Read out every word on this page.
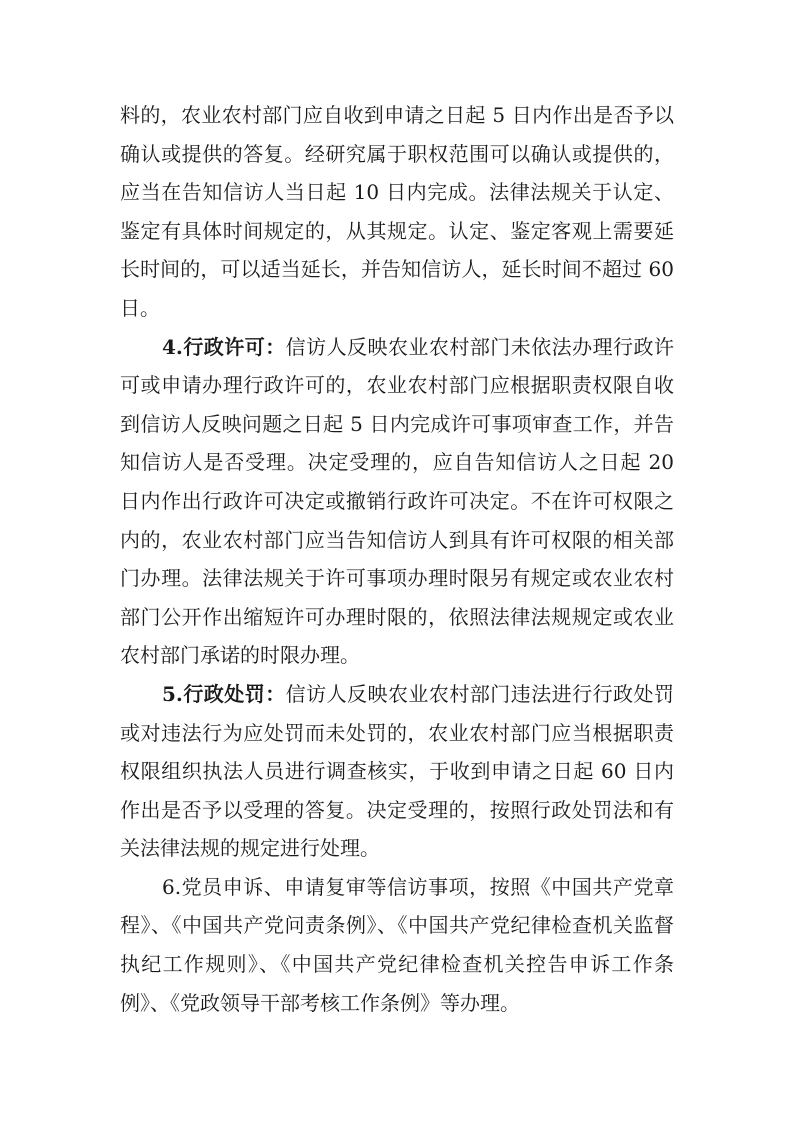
料的，农业农村部门应自收到申请之日起 5 日内作出是否予以确认或提供的答复。经研究属于职权范围可以确认或提供的，应当在告知信访人当日起 10 日内完成。法律法规关于认定、鉴定有具体时间规定的，从其规定。认定、鉴定客观上需要延长时间的，可以适当延长，并告知信访人，延长时间不超过 60 日。

4.行政许可：信访人反映农业农村部门未依法办理行政许可或申请办理行政许可的，农业农村部门应根据职责权限自收到信访人反映问题之日起 5 日内完成许可事项审查工作，并告知信访人是否受理。决定受理的，应自告知信访人之日起 20 日内作出行政许可决定或撤销行政许可决定。不在许可权限之内的，农业农村部门应当告知信访人到具有许可权限的相关部门办理。法律法规关于许可事项办理时限另有规定或农业农村部门公开作出缩短许可办理时限的，依照法律法规规定或农业农村部门承诺的时限办理。

5.行政处罚：信访人反映农业农村部门违法进行行政处罚或对违法行为应处罚而未处罚的，农业农村部门应当根据职责权限组织执法人员进行调查核实，于收到申请之日起 60 日内作出是否予以受理的答复。决定受理的，按照行政处罚法和有关法律法规的规定进行处理。

6.党员申诉、申请复审等信访事项，按照《中国共产党章程》、《中国共产党问责条例》、《中国共产党纪律检查机关监督执纪工作规则》、《中国共产党纪律检查机关控告申诉工作条例》、《党政领导干部考核工作条例》等办理。
